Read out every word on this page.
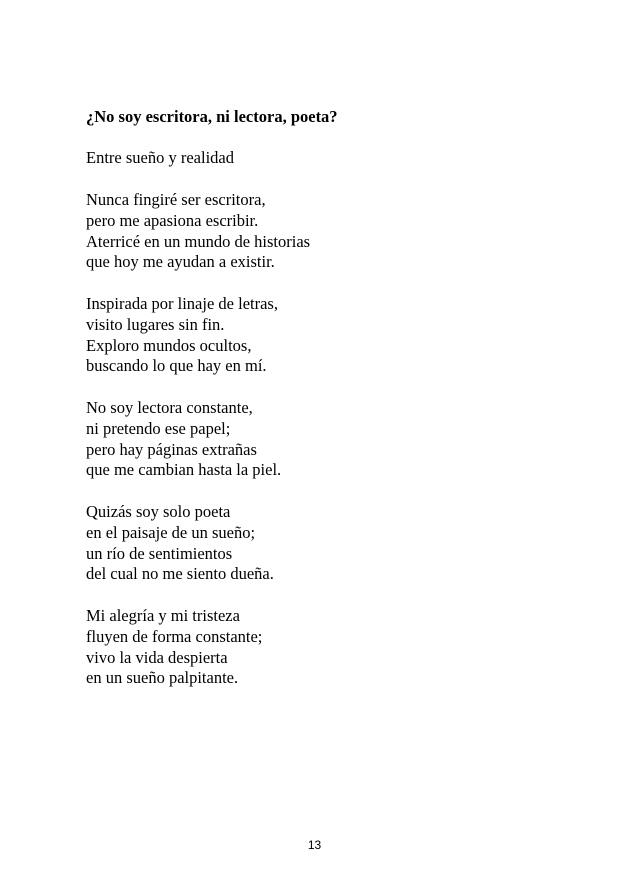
¿No soy escritora, ni lectora, poeta?

Entre sueño y realidad

Nunca fingiré ser escritora,
pero me apasiona escribir.
Aterricé en un mundo de historias
que hoy me ayudan a existir.
Inspirada por linaje de letras,
visito lugares sin fin.
Exploro mundos ocultos,
buscando lo que hay en mí.
No soy lectora constante,
ni pretendo ese papel;
pero hay páginas extrañas
que me cambian hasta la piel.
Quizás soy solo poeta
en el paisaje de un sueño;
un río de sentimientos
del cual no me siento dueña.
Mi alegría y mi tristeza
fluyen de forma constante;
vivo la vida despierta
en un sueño palpitante.
13
